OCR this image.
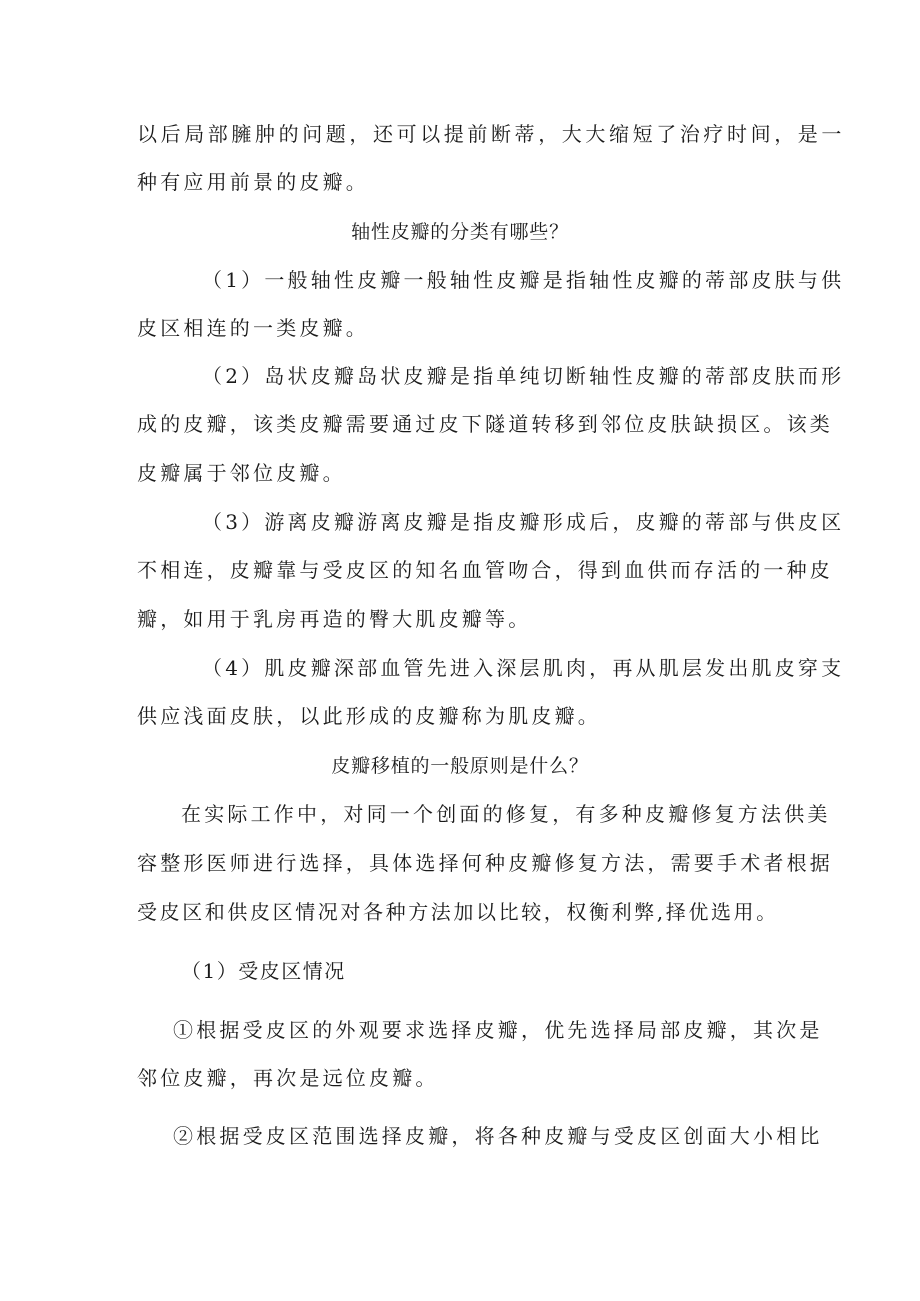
以后局部臃肿的问题，还可以提前断蒂，大大缩短了治疗时间，是一
种有应用前景的皮瓣。
轴性皮瓣的分类有哪些？
（1）一般轴性皮瓣一般轴性皮瓣是指轴性皮瓣的蒂部皮肤与供
皮区相连的一类皮瓣。
（2）岛状皮瓣岛状皮瓣是指单纯切断轴性皮瓣的蒂部皮肤而形
成的皮瓣，该类皮瓣需要通过皮下隧道转移到邻位皮肤缺损区。该类
皮瓣属于邻位皮瓣。
（3）游离皮瓣游离皮瓣是指皮瓣形成后，皮瓣的蒂部与供皮区
不相连，皮瓣靠与受皮区的知名血管吻合，得到血供而存活的一种皮
瓣，如用于乳房再造的臀大肌皮瓣等。
（4）肌皮瓣深部血管先进入深层肌肉，再从肌层发出肌皮穿支
供应浅面皮肤，以此形成的皮瓣称为肌皮瓣。
皮瓣移植的一般原则是什么？
在实际工作中，对同一个创面的修复，有多种皮瓣修复方法供美
容整形医师进行选择，具体选择何种皮瓣修复方法，需要手术者根据
受皮区和供皮区情况对各种方法加以比较，权衡利弊,择优选用。
（1）受皮区情况
①根据受皮区的外观要求选择皮瓣，优先选择局部皮瓣，其次是
邻位皮瓣，再次是远位皮瓣。
②根据受皮区范围选择皮瓣，将各种皮瓣与受皮区创面大小相比
